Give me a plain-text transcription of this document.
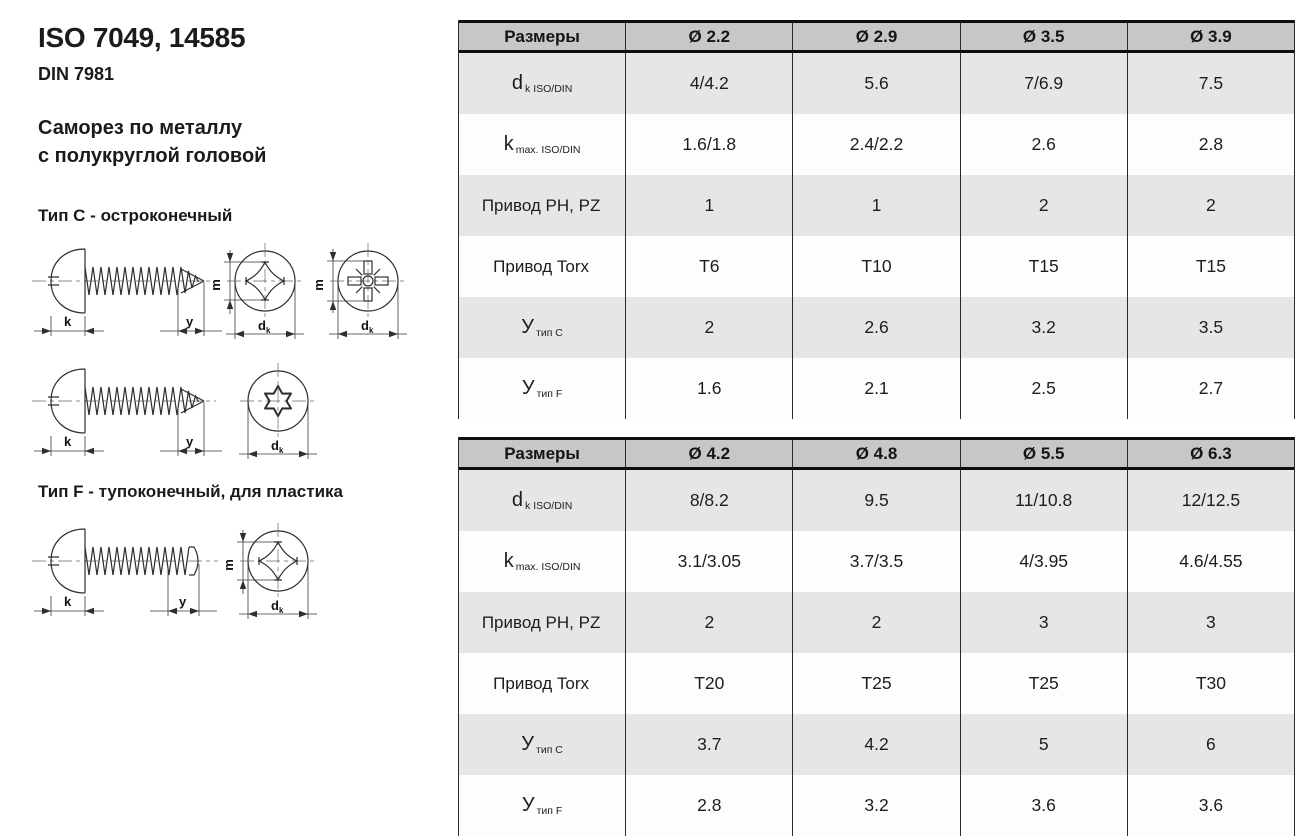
ISO 7049, 14585
DIN 7981
Саморез по металлу
с полукруглой головой
Тип C - остроконечный
Тип F - тупоконечный, для пластика
k	y
m
$d_k$
m
$d_k$
k	y	$d_k$
k	y
m
$d_k$
Размеры	Ø 2.2	Ø 2.9	Ø 3.5	Ø 3.9
d k ISO/DIN	4/4.2	5.6	7/6.9	7.5
k max. ISO/DIN	1.6/1.8	2.4/2.2	2.6	2.8
Привод PH, PZ	1	1	2	2
Привод Torx	T6	T10	T15	T15
У тип C	2	2.6	3.2	3.5
У тип F	1.6	2.1	2.5	2.7
Размеры	Ø 4.2	Ø 4.8	Ø 5.5	Ø 6.3
d k ISO/DIN	8/8.2	9.5	11/10.8	12/12.5
k max. ISO/DIN	3.1/3.05	3.7/3.5	4/3.95	4.6/4.55
Привод PH, PZ	2	2	3	3
Привод Torx	T20	T25	T25	T30
У тип C	3.7	4.2	5	6
У тип F	2.8	3.2	3.6	3.6
